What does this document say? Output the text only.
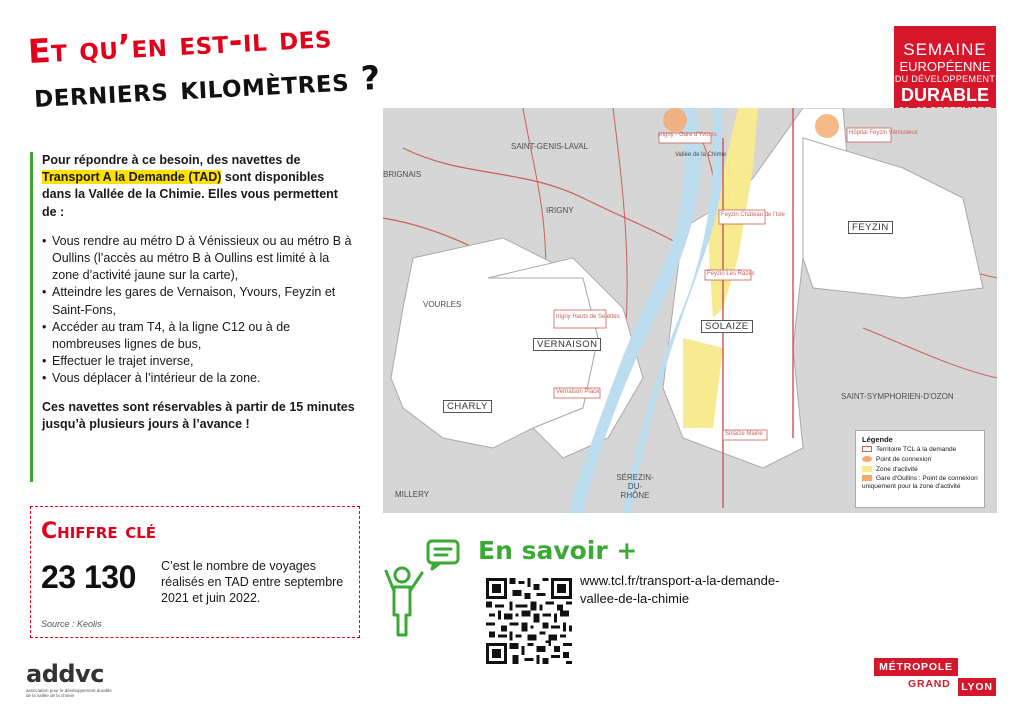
Et qu’en est-il des
derniers kilomètres ?
SEMAINE
EUROPÉENNE
DU DÉVELOPPEMENT
DURABLE

Pour répondre à ce besoin, des navettes de Transport A la Demande (TAD) sont disponibles dans la Vallée de la Chimie. Elles vous permettent de :

• Vous rendre au métro D à Vénissieux ou au métro B à Oullins (l’accès au métro B à Oullins est limité à la zone d’activité jaune sur la carte),
• Atteindre les gares de Vernaison, Yvours, Feyzin et Saint-Fons,
• Accéder au tram T4, à la ligne C12 ou à de nombreuses lignes de bus,
• Effectuer le trajet inverse,
• Vous déplacer à l’intérieur de la zone.

Ces navettes sont réservables à partir de 15 minutes jusqu’à plusieurs jours à l’avance !

SAINT-GENIS-LAVAL
IRIGNY
VOURLES
MILLERY
BRIGNAIS
SÉREZIN-DU-RHÔNE
SAINT-SYMPHORIEN-D'OZON
Irigny - Gare d'Yvours
Feyzin Château de l'Isle
Feyzin Les Razes
Irigny Hauts de Selettes
Vernaison Place
Solaize Mairie
Hôpital Feyzin Vénissieux
Vallée de la Chimie
CHARLY
VERNAISON
SOLAIZE
FEYZIN
Légende
Territoire TCL à la demande
Point de connexion
Zone d'activité
Gare d'Oullins : Point de connexion uniquement pour la zone d'activité
Chiffre clé
23 130 C’est le nombre de voyages réalisés en TAD entre septembre 2021 et juin 2022.
Source : Keolis
En savoir +
www.tcl.fr/transport-a-la-demande-
vallee-de-la-chimie
addvc
association pour le développement durable de la vallée de la chimie
MÉTROPOLE
GRAND	LYON
